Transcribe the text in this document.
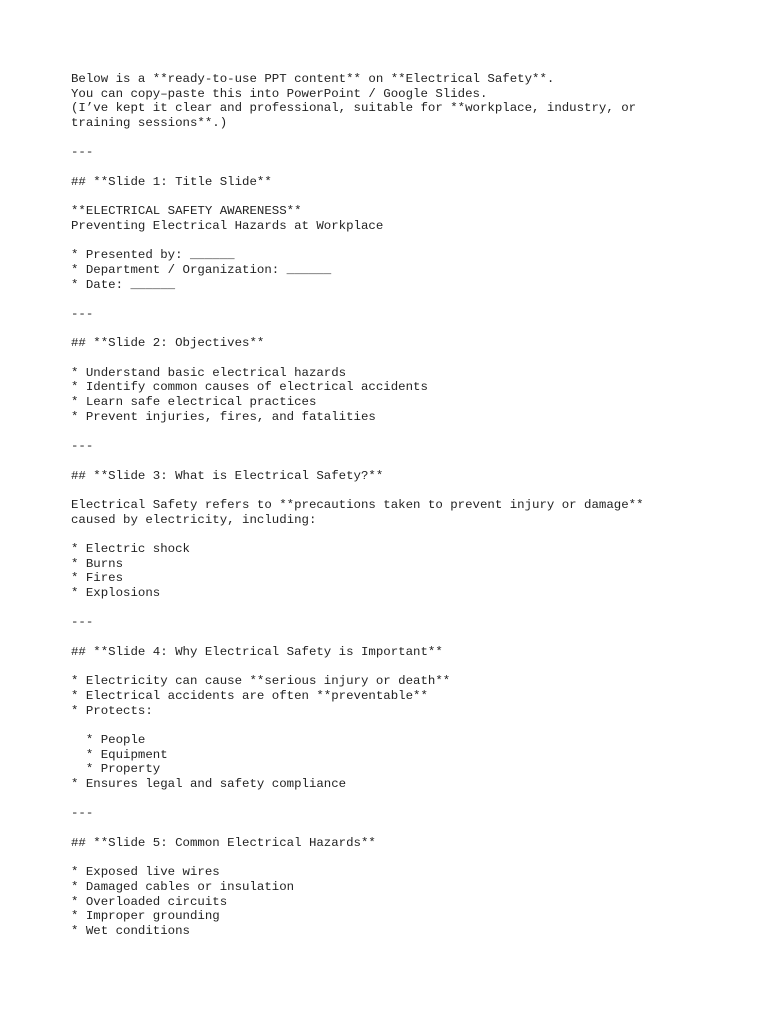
Below is a **ready-to-use PPT content** on **Electrical Safety**.
You can copy–paste this into PowerPoint / Google Slides.
(I’ve kept it clear and professional, suitable for **workplace, industry, or
training sessions**.)
---
## **Slide 1: Title Slide**
**ELECTRICAL SAFETY AWARENESS**
Preventing Electrical Hazards at Workplace
* Presented by: ______
* Department / Organization: ______
* Date: ______
---
## **Slide 2: Objectives**
* Understand basic electrical hazards
* Identify common causes of electrical accidents
* Learn safe electrical practices
* Prevent injuries, fires, and fatalities
---
## **Slide 3: What is Electrical Safety?**
Electrical Safety refers to **precautions taken to prevent injury or damage**
caused by electricity, including:
* Electric shock
* Burns
* Fires
* Explosions
---
## **Slide 4: Why Electrical Safety is Important**
* Electricity can cause **serious injury or death**
* Electrical accidents are often **preventable**
* Protects:
* People
* Equipment
* Property
* Ensures legal and safety compliance
---
## **Slide 5: Common Electrical Hazards**
* Exposed live wires
* Damaged cables or insulation
* Overloaded circuits
* Improper grounding
* Wet conditions
